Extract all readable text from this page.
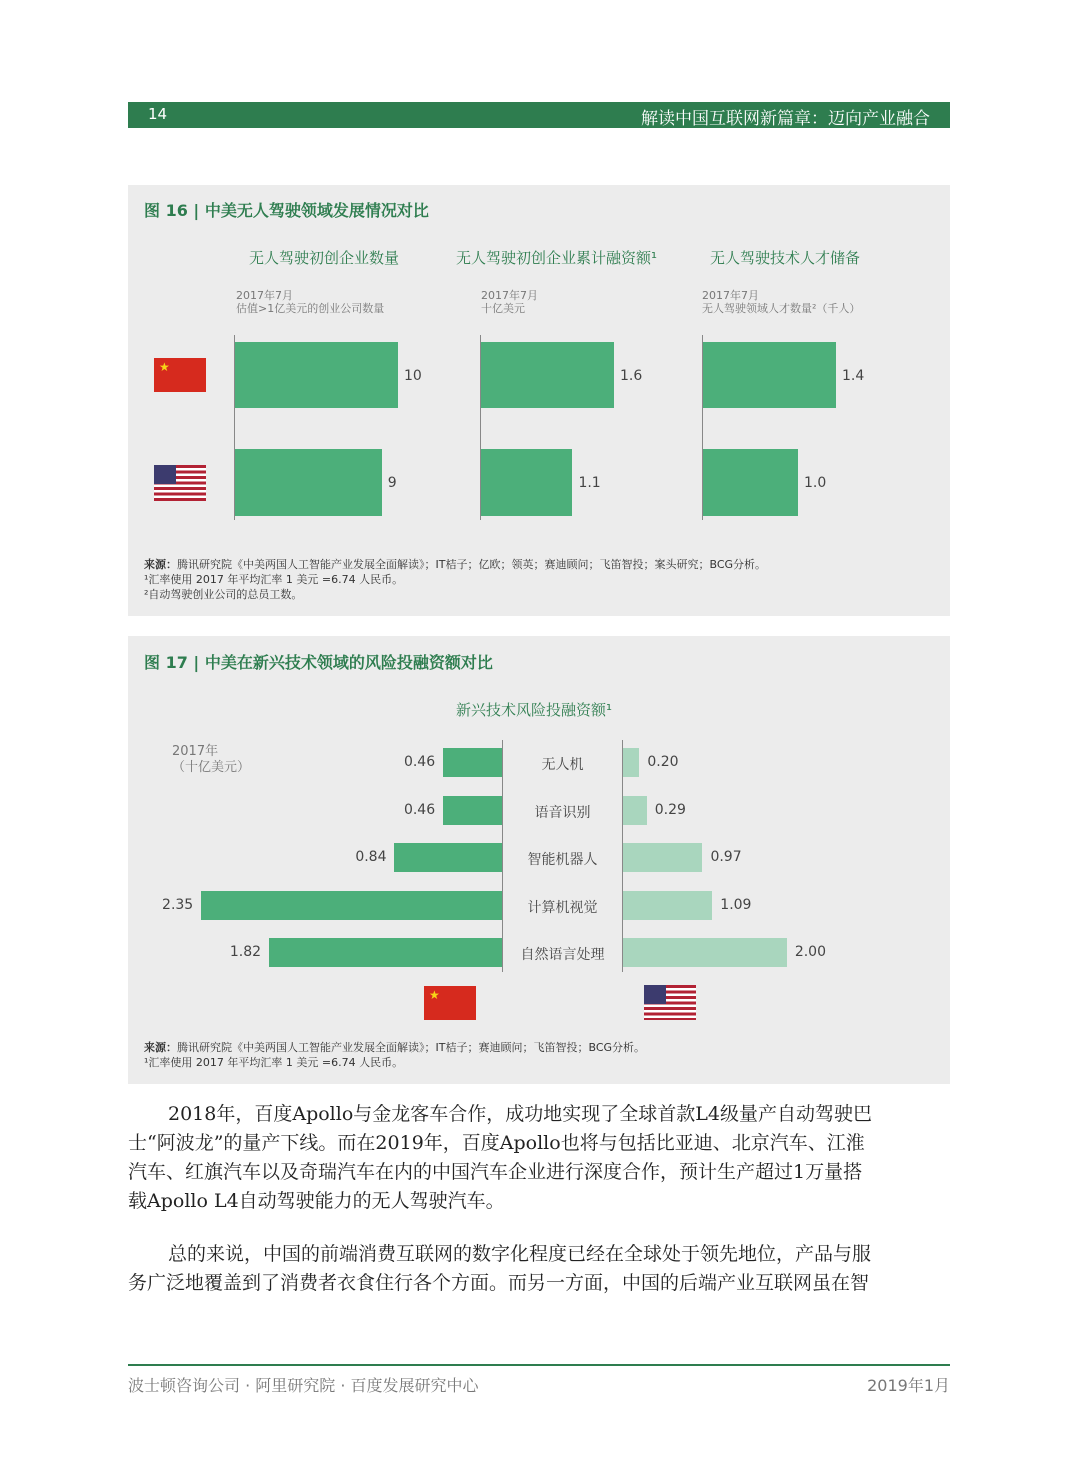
14	解读中国互联网新篇章：迈向产业融合
图 16 | 中美无人驾驶领域发展情况对比
★
无人驾驶初创企业数量
2017年7月
估值>1亿美元的创业公司数量
10
9
无人驾驶初创企业累计融资额¹
2017年7月
十亿美元
1.6
1.1
无人驾驶技术人才储备
2017年7月
无人驾驶领域人才数量²（千人）
1.4
1.0
来源：腾讯研究院《中美两国人工智能产业发展全面解读》；IT桔子；亿欧；领英；赛迪顾问；飞笛智投；案头研究；BCG分析。
¹汇率使用 2017 年平均汇率 1 美元 =6.74 人民币。
²自动驾驶创业公司的总员工数。
图 17 | 中美在新兴技术领域的风险投融资额对比
新兴技术风险投融资额¹
2017年
（十亿美元）	0.46	无人机	0.20
0.46	语音识别	0.29
0.84	智能机器人	0.97
2.35	计算机视觉	1.09
1.82	自然语言处理	2.00
★
来源：腾讯研究院《中美两国人工智能产业发展全面解读》；IT桔子；赛迪顾问；飞笛智投；BCG分析。
¹汇率使用 2017 年平均汇率 1 美元 =6.74 人民币。
2018年，百度Apollo与金龙客车合作，成功地实现了全球首款L4级量产自动驾驶巴
士“阿波龙”的量产下线。而在2019年，百度Apollo也将与包括比亚迪、北京汽车、江淮
汽车、红旗汽车以及奇瑞汽车在内的中国汽车企业进行深度合作，预计生产超过1万量搭
载Apollo L4自动驾驶能力的无人驾驶汽车。
总的来说，中国的前端消费互联网的数字化程度已经在全球处于领先地位，产品与服
务广泛地覆盖到了消费者衣食住行各个方面。而另一方面，中国的后端产业互联网虽在智
波士顿咨询公司 · 阿里研究院 · 百度发展研究中心	2019年1月
